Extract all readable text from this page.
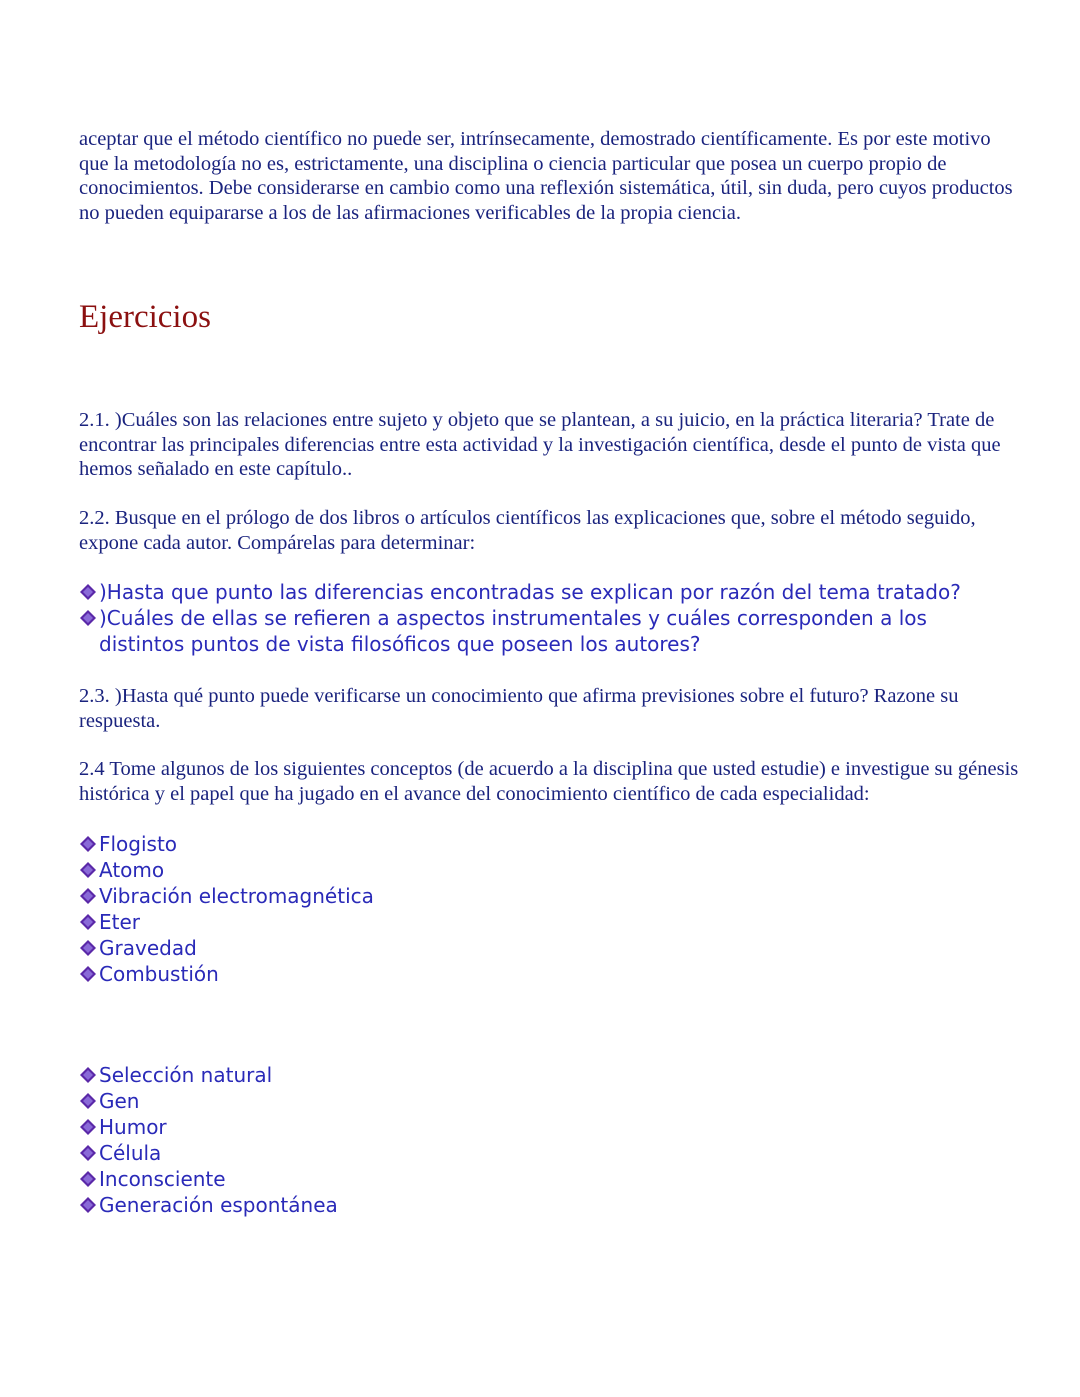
aceptar que el método científico no puede ser, intrínsecamente, demostrado científicamente. Es por este motivo que la metodología no es, estrictamente, una disciplina o ciencia particular que posea un cuerpo propio de conocimientos. Debe considerarse en cambio como una reflexión sistemática, útil, sin duda, pero cuyos productos no pueden equipararse a los de las afirmaciones verificables de la propia ciencia.

Ejercicios

2.1. )Cuáles son las relaciones entre sujeto y objeto que se plantean, a su juicio, en la práctica literaria? Trate de encontrar las principales diferencias entre esta actividad y la investigación científica, desde el punto de vista que hemos señalado en este capítulo..

2.2. Busque en el prólogo de dos libros o artículos científicos las explicaciones que, sobre el método seguido, expone cada autor. Compárelas para determinar:

)Hasta que punto las diferencias encontradas se explican por razón del tema tratado?
)Cuáles de ellas se refieren a aspectos instrumentales y cuáles corresponden a los distintos puntos de vista filosóficos que poseen los autores?

2.3. )Hasta qué punto puede verificarse un conocimiento que afirma previsiones sobre el futuro? Razone su respuesta.

2.4 Tome algunos de los siguientes conceptos (de acuerdo a la disciplina que usted estudie) e investigue su génesis histórica y el papel que ha jugado en el avance del conocimiento científico de cada especialidad:

Flogisto
Atomo
Vibración electromagnética
Eter
Gravedad
Combustión
Selección natural
Gen
Humor
Célula
Inconsciente
Generación espontánea
